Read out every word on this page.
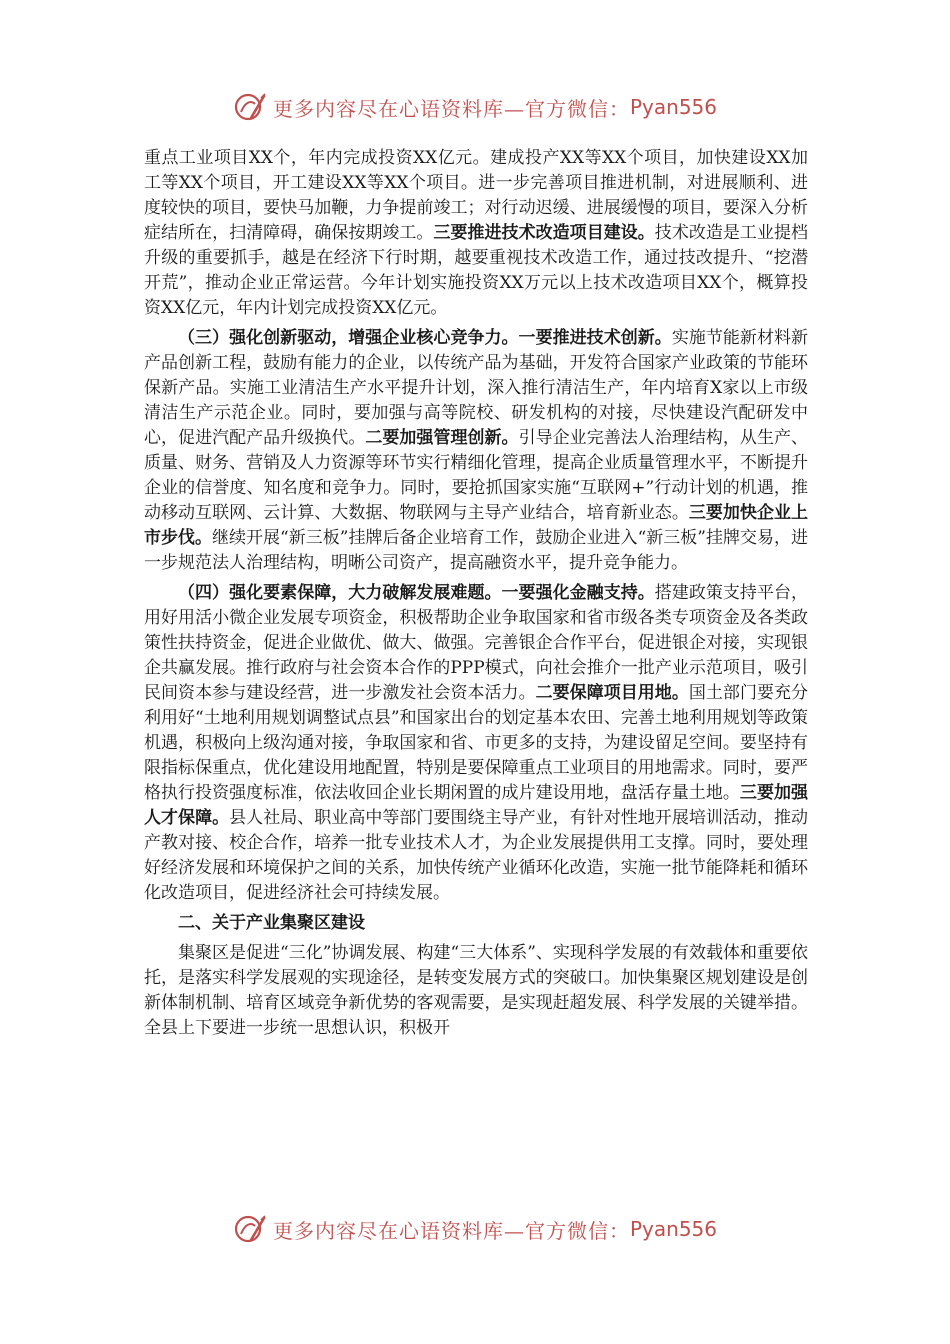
更多内容尽在心语资料库—官方微信： Pyan556

重点工业项目XX个，年内完成投资XX亿元。建成投产XX等XX个项目，加快建设XX加工等XX个项目，开工建设XX等XX个项目。进一步完善项目推进机制，对进展顺利、进度较快的项目，要快马加鞭，力争提前竣工；对行动迟缓、进展缓慢的项目，要深入分析症结所在，扫清障碍，确保按期竣工。三要推进技术改造项目建设。技术改造是工业提档升级的重要抓手，越是在经济下行时期，越要重视技术改造工作，通过技改提升、“挖潜开荒”，推动企业正常运营。今年计划实施投资XX万元以上技术改造项目XX个，概算投资XX亿元，年内计划完成投资XX亿元。

（三）强化创新驱动，增强企业核心竞争力。一要推进技术创新。实施节能新材料新产品创新工程，鼓励有能力的企业，以传统产品为基础，开发符合国家产业政策的节能环保新产品。实施工业清洁生产水平提升计划，深入推行清洁生产，年内培育X家以上市级清洁生产示范企业。同时，要加强与高等院校、研发机构的对接，尽快建设汽配研发中心，促进汽配产品升级换代。二要加强管理创新。引导企业完善法人治理结构，从生产、质量、财务、营销及人力资源等环节实行精细化管理，提高企业质量管理水平，不断提升企业的信誉度、知名度和竞争力。同时，要抢抓国家实施“互联网+”行动计划的机遇，推动移动互联网、云计算、大数据、物联网与主导产业结合，培育新业态。三要加快企业上市步伐。继续开展“新三板”挂牌后备企业培育工作，鼓励企业进入“新三板”挂牌交易，进一步规范法人治理结构，明晰公司资产，提高融资水平，提升竞争能力。

（四）强化要素保障，大力破解发展难题。一要强化金融支持。搭建政策支持平台，用好用活小微企业发展专项资金，积极帮助企业争取国家和省市级各类专项资金及各类政策性扶持资金，促进企业做优、做大、做强。完善银企合作平台，促进银企对接，实现银企共赢发展。推行政府与社会资本合作的PPP模式，向社会推介一批产业示范项目，吸引民间资本参与建设经营，进一步激发社会资本活力。二要保障项目用地。国土部门要充分利用好“土地利用规划调整试点县”和国家出台的划定基本农田、完善土地利用规划等政策机遇，积极向上级沟通对接，争取国家和省、市更多的支持，为建设留足空间。要坚持有限指标保重点，优化建设用地配置，特别是要保障重点工业项目的用地需求。同时，要严格执行投资强度标准，依法收回企业长期闲置的成片建设用地，盘活存量土地。三要加强人才保障。县人社局、职业高中等部门要围绕主导产业，有针对性地开展培训活动，推动产教对接、校企合作，培养一批专业技术人才，为企业发展提供用工支撑。同时，要处理好经济发展和环境保护之间的关系，加快传统产业循环化改造，实施一批节能降耗和循环化改造项目，促进经济社会可持续发展。

二、关于产业集聚区建设

集聚区是促进“三化”协调发展、构建“三大体系”、实现科学发展的有效载体和重要依托，是落实科学发展观的实现途径，是转变发展方式的突破口。加快集聚区规划建设是创新体制机制、培育区域竞争新优势的客观需要，是实现赶超发展、科学发展的关键举措。全县上下要进一步统一思想认识，积极开

更多内容尽在心语资料库—官方微信： Pyan556
